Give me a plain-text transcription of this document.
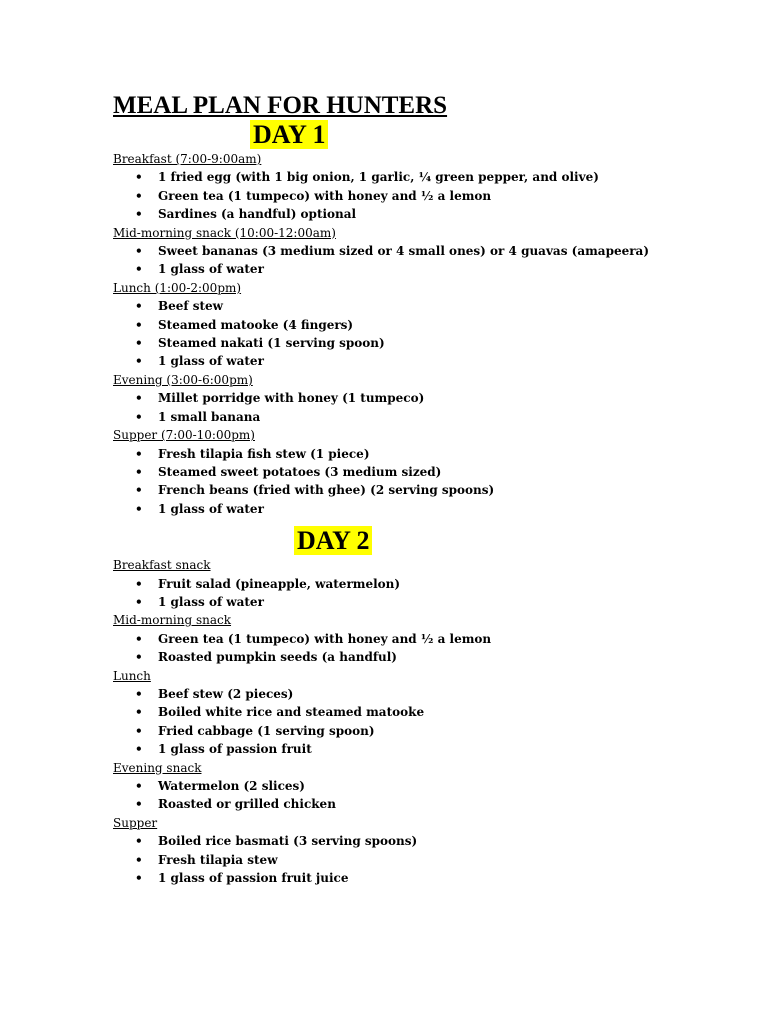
MEAL PLAN FOR HUNTERS
DAY 1

Breakfast (7:00-9:00am)

• 1 fried egg (with 1 big onion, 1 garlic, ¼ green pepper, and olive)
• Green tea (1 tumpeco) with honey and ½ a lemon
• Sardines (a handful) optional

Mid-morning snack (10:00-12:00am)

• Sweet bananas (3 medium sized or 4 small ones) or 4 guavas (amapeera)
• 1 glass of water

Lunch (1:00-2:00pm)

• Beef stew
• Steamed matooke (4 fingers)
• Steamed nakati (1 serving spoon)
• 1 glass of water

Evening (3:00-6:00pm)

• Millet porridge with honey (1 tumpeco)
• 1 small banana

Supper (7:00-10:00pm)

• Fresh tilapia fish stew (1 piece)
• Steamed sweet potatoes (3 medium sized)
• French beans (fried with ghee) (2 serving spoons)
• 1 glass of water
DAY 2

Breakfast snack

• Fruit salad (pineapple, watermelon)
• 1 glass of water

Mid-morning snack

• Green tea (1 tumpeco) with honey and ½ a lemon
• Roasted pumpkin seeds (a handful)

Lunch

• Beef stew (2 pieces)
• Boiled white rice and steamed matooke
• Fried cabbage (1 serving spoon)
• 1 glass of passion fruit

Evening snack

• Watermelon (2 slices)
• Roasted or grilled chicken

Supper

• Boiled rice basmati (3 serving spoons)
• Fresh tilapia stew
• 1 glass of passion fruit juice
